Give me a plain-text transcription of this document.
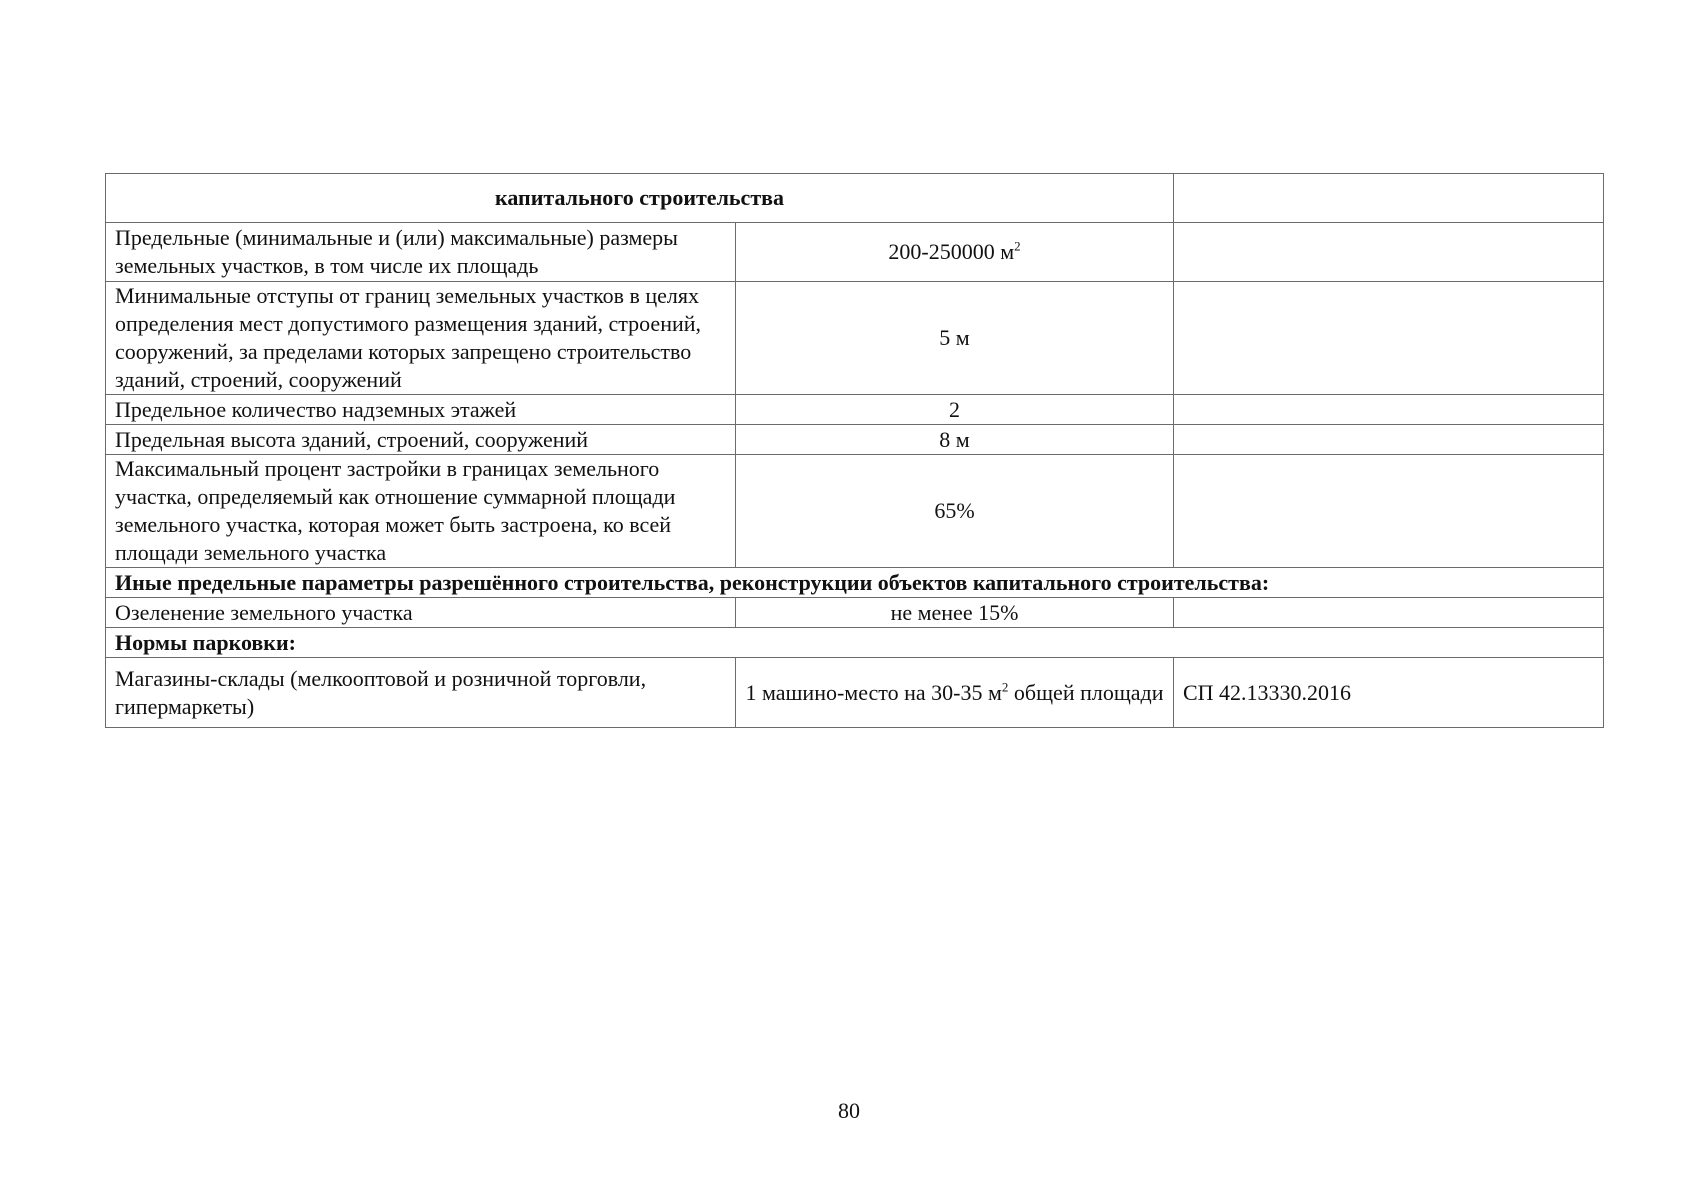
капитального строительства		
Предельные (минимальные и (или) максимальные) размеры земельных участков, в том числе их площадь	200-250000 $м^2$	
Минимальные отступы от границ земельных участков в целях определения мест допустимого размещения зданий, строений, сооружений, за пределами которых запрещено строительство зданий, строений, сооружений	5 м	
Предельное количество надземных этажей	2	
Предельная высота зданий, строений, сооружений	8 м	
Максимальный процент застройки в границах земельного участка, определяемый как отношение суммарной площади земельного участка, которая может быть застроена, ко всей площади земельного участка	65%	
Иные предельные параметры разрешённого строительства, реконструкции объектов капитального строительства:		
Озеленение земельного участка	не менее 15%	
Нормы парковки:		
Магазины-склады (мелкооптовой и розничной торговли, гипермаркеты)	1 машино-место на 30-35 $м^2$ общей площади	СП 42.13330.2016
80
